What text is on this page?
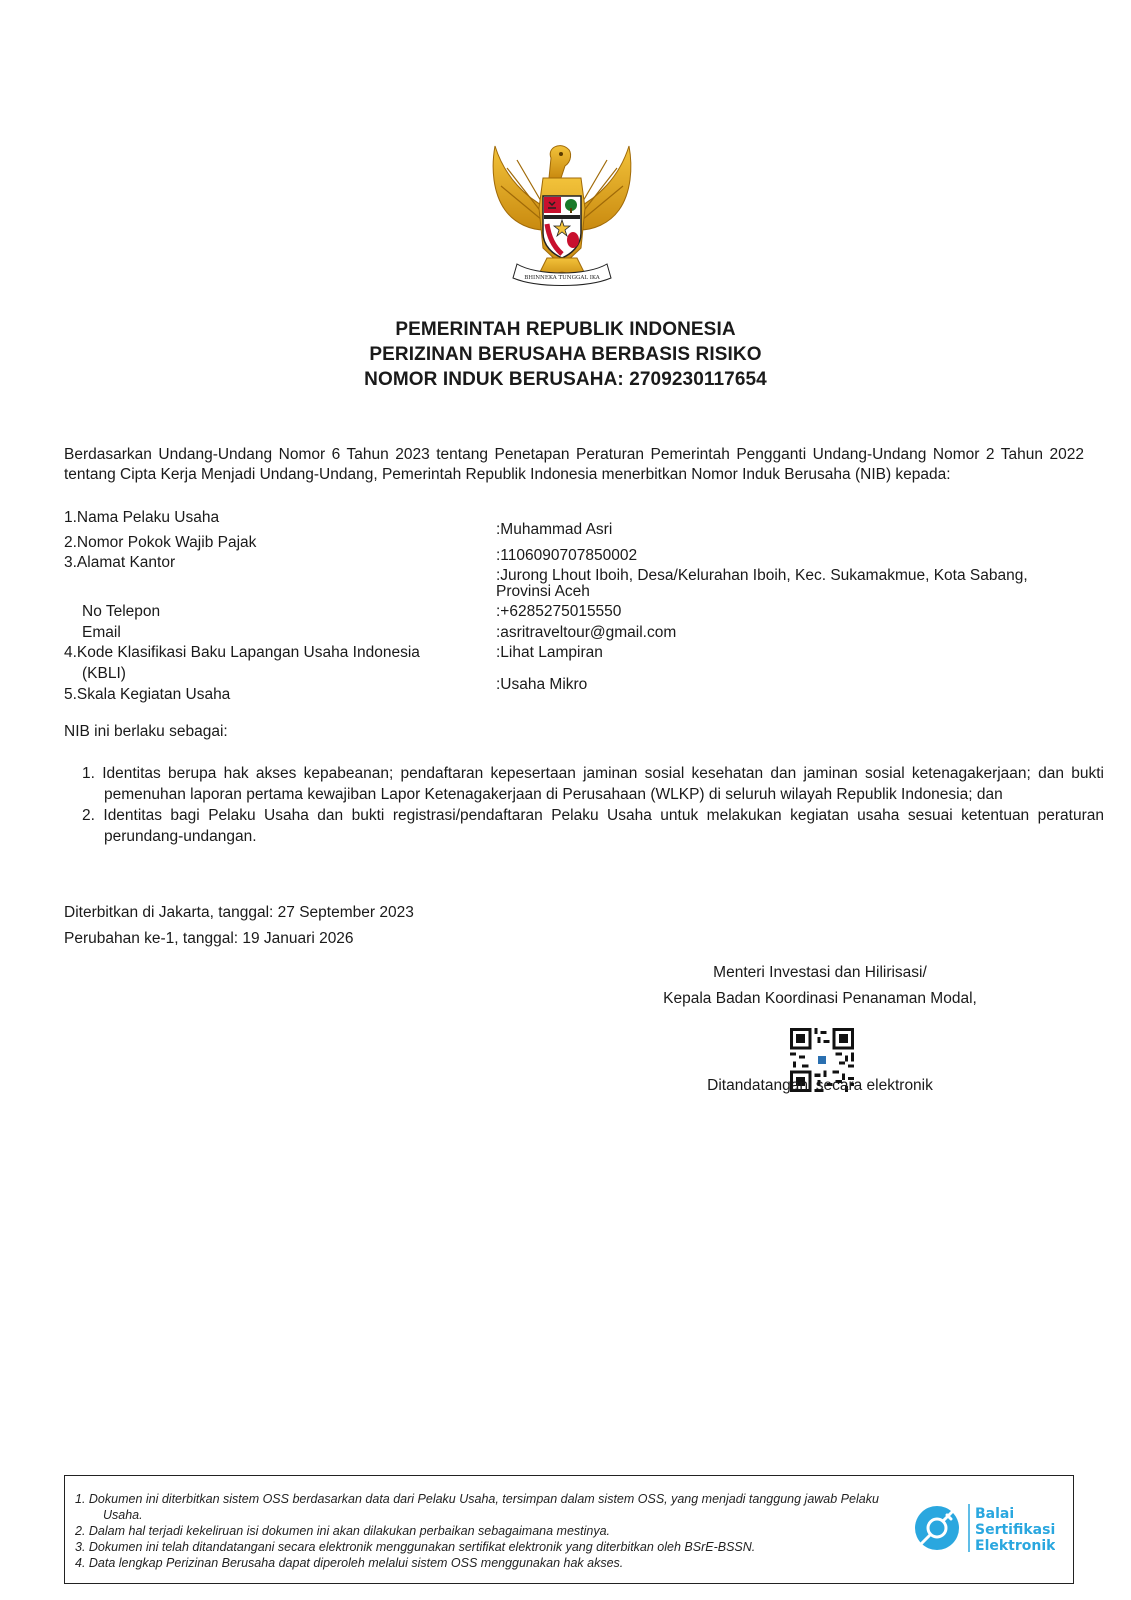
BHINNEKA TUNGGAL IKA
PEMERINTAH REPUBLIK INDONESIA
PERIZINAN BERUSAHA BERBASIS RISIKO
NOMOR INDUK BERUSAHA: 2709230117654
Berdasarkan Undang-Undang Nomor 6 Tahun 2023 tentang Penetapan Peraturan Pemerintah Pengganti Undang-Undang Nomor 2 Tahun 2022 tentang Cipta Kerja Menjadi Undang-Undang, Pemerintah Republik Indonesia menerbitkan Nomor Induk Berusaha (NIB) kepada:
1.Nama Pelaku Usaha
:Muhammad Asri
2.Nomor Pokok Wajib Pajak
:1106090707850002
3.Alamat Kantor
:Jurong Lhout Iboih, Desa/Kelurahan Iboih, Kec. Sukamakmue, Kota Sabang, Provinsi Aceh
No Telepon	:+6285275015550
Email	:asritraveltour@gmail.com
4.Kode Klasifikasi Baku Lapangan Usaha Indonesia
(KBLI)
:Lihat Lampiran
5.Skala Kegiatan Usaha
:Usaha Mikro
NIB ini berlaku sebagai:
1. Identitas berupa hak akses kepabeanan; pendaftaran kepesertaan jaminan sosial kesehatan dan jaminan sosial ketenagakerjaan; dan bukti pemenuhan laporan pertama kewajiban Lapor Ketenagakerjaan di Perusahaan (WLKP) di seluruh wilayah Republik Indonesia; dan
2. Identitas bagi Pelaku Usaha dan bukti registrasi/pendaftaran Pelaku Usaha untuk melakukan kegiatan usaha sesuai ketentuan peraturan perundang-undangan.
Diterbitkan di Jakarta, tanggal: 27 September 2023
Perubahan ke-1, tanggal: 19 Januari 2026
Menteri Investasi dan Hilirisasi/
Kepala Badan Koordinasi Penanaman Modal,
Ditandatangani secara elektronik
1. Dokumen ini diterbitkan sistem OSS berdasarkan data dari Pelaku Usaha, tersimpan dalam sistem OSS, yang menjadi tanggung jawab Pelaku Usaha.
2. Dalam hal terjadi kekeliruan isi dokumen ini akan dilakukan perbaikan sebagaimana mestinya.
3. Dokumen ini telah ditandatangani secara elektronik menggunakan sertifikat elektronik yang diterbitkan oleh BSrE-BSSN.
4. Data lengkap Perizinan Berusaha dapat diperoleh melalui sistem OSS menggunakan hak akses.
Balai
Sertifikasi
Elektronik
